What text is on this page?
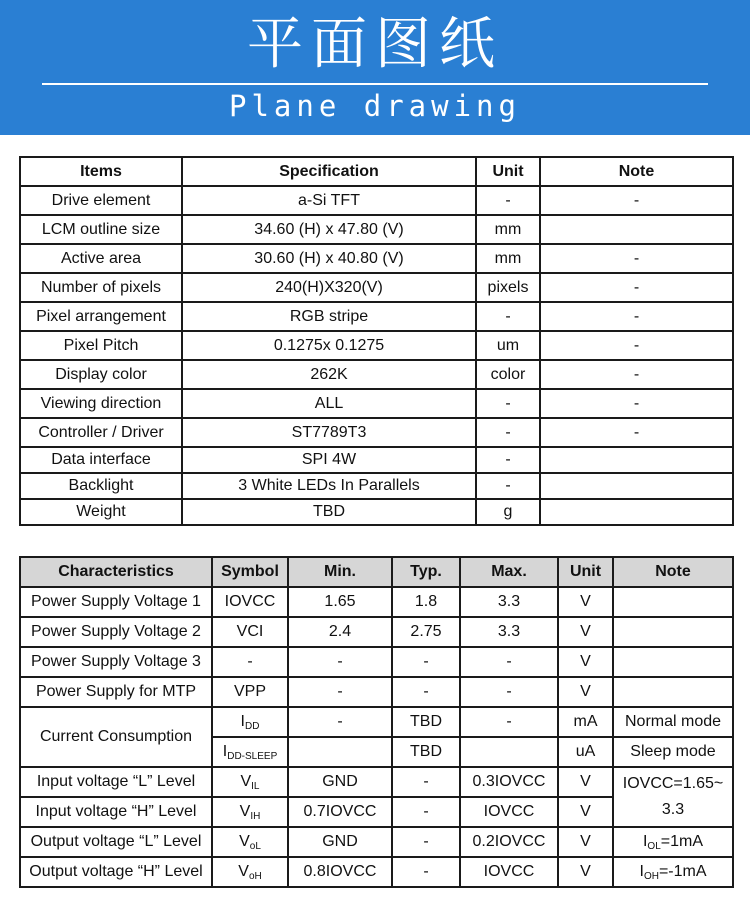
平面图纸
Plane drawing
Items	Specification	Unit	Note
Drive element	a-Si TFT	-	-
LCM outline size	34.60 (H) x 47.80 (V)	mm	
Active area	30.60 (H) x 40.80 (V)	mm	-
Number of pixels	240(H)X320(V)	pixels	-
Pixel arrangement	RGB stripe	-	-
Pixel Pitch	0.1275x 0.1275	um	-
Display color	262K	color	-
Viewing direction	ALL	-	-
Controller / Driver	ST7789T3	-	-
Data interface	SPI 4W	-	
Backlight	3 White LEDs In Parallels	-	
Weight	TBD	g	
Characteristics	Symbol	Min.	Typ.	Max.	Unit	Note
Power Supply Voltage 1	IOVCC	1.65	1.8	3.3	V	
Power Supply Voltage 2	VCI	2.4	2.75	3.3	V	
Power Supply Voltage 3	-	-	-	-	V	
Power Supply for MTP	VPP	-	-	-	V	
Current Consumption	$I_{DD}$	-	TBD	-	mA	Normal mode
	$I_{DD-SLEEP}$		TBD		uA	Sleep mode
Input voltage “L” Level	$V_{IL}$	GND	-	0.3IOVCC	V	IOVCC=1.65~ 3.3
Input voltage “H” Level	$V_{IH}$	0.7IOVCC	-	IOVCC	V	
Output voltage “L” Level	$V_{oL}$	GND	-	0.2IOVCC	V	$I_{OL}=1mA$
Output voltage “H” Level	$V_{oH}$	0.8IOVCC	-	IOVCC	V	$I_{OH}=-1mA$
